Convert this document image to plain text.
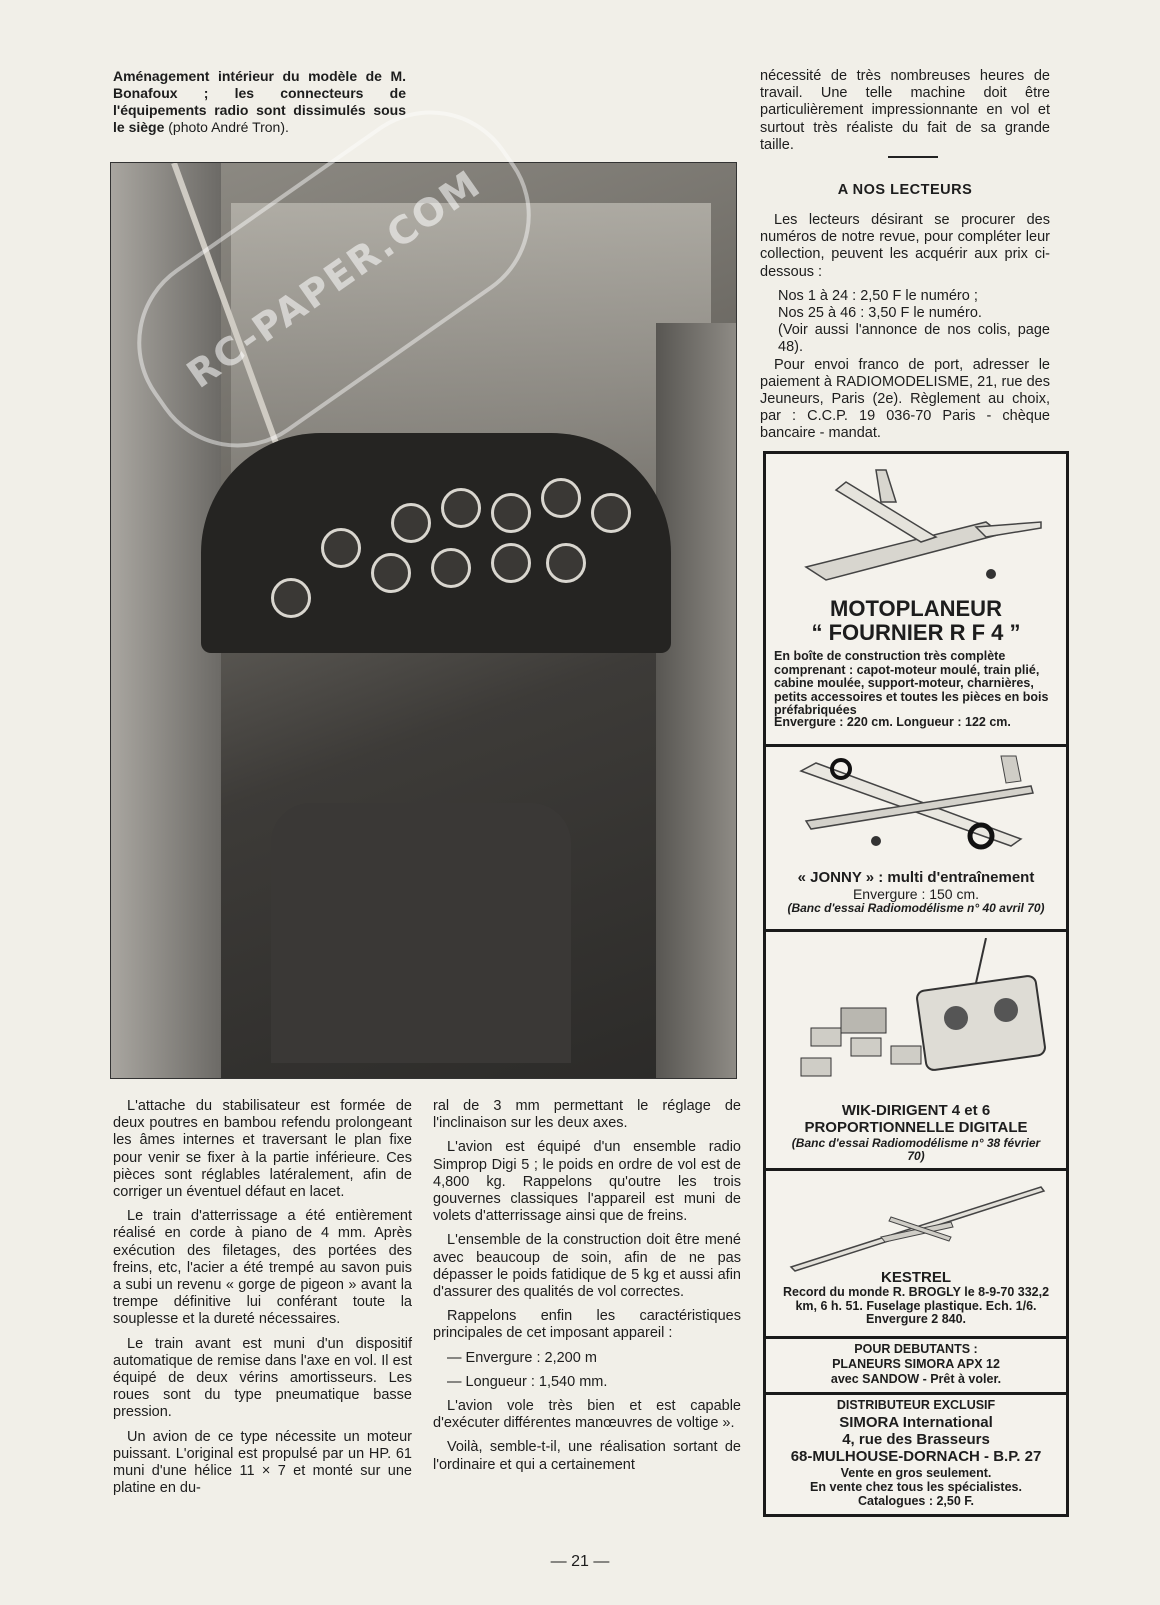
Aménagement intérieur du modèle de M. Bonafoux ; les connecteurs de l'équipements radio sont dissimulés sous le siège (photo André Tron).
RC-PAPER.COM

nécessité de très nombreuses heures de travail. Une telle machine doit être particulièrement impressionnante en vol et surtout très réaliste du fait de sa grande taille.

A NOS LECTEURS

Les lecteurs désirant se procurer des numéros de notre revue, pour compléter leur collection, peuvent les acquérir aux prix ci-dessous :

Nos 1 à 24 : 2,50 F le numéro ;

Nos 25 à 46 : 3,50 F le numéro.

(Voir aussi l'annonce de nos colis, page 48).

Pour envoi franco de port, adresser le paiement à RADIOMODELISME, 21, rue des Jeuneurs, Paris (2e). Règlement au choix, par : C.C.P. 19 036-70 Paris - chèque bancaire - mandat.

L'attache du stabilisateur est formée de deux poutres en bambou refendu prolongeant les âmes internes et traversant le plan fixe pour venir se fixer à la partie inférieure. Ces pièces sont réglables latéralement, afin de corriger un éventuel défaut en lacet.

Le train d'atterrissage a été entièrement réalisé en corde à piano de 4 mm. Après exécution des filetages, des portées des freins, etc, l'acier a été trempé au savon puis a subi un revenu « gorge de pigeon » avant la trempe définitive lui conférant toute la souplesse et la dureté nécessaires.

Le train avant est muni d'un dispositif automatique de remise dans l'axe en vol. Il est équipé de deux vérins amortisseurs. Les roues sont du type pneumatique basse pression.

Un avion de ce type nécessite un moteur puissant. L'original est propulsé par un HP. 61 muni d'une hélice 11 × 7 et monté sur une platine en du-

ral de 3 mm permettant le réglage de l'inclinaison sur les deux axes.

L'avion est équipé d'un ensemble radio Simprop Digi 5 ; le poids en ordre de vol est de 4,800 kg. Rappelons qu'outre les trois gouvernes classiques l'appareil est muni de volets d'atterrissage ainsi que de freins.

L'ensemble de la construction doit être mené avec beaucoup de soin, afin de ne pas dépasser le poids fatidique de 5 kg et aussi afin d'assurer des qualités de vol correctes.

Rappelons enfin les caractéristiques principales de cet imposant appareil :

— Envergure : 2,200 m

— Longueur : 1,540 mm.

L'avion vole très bien et est capable d'exécuter différentes manœuvres de voltige ».

Voilà, semble-t-il, une réalisation sortant de l'ordinaire et qui a certainement

MOTOPLANEUR
“ FOURNIER R F 4 ”
En boîte de construction très complète comprenant : capot-moteur moulé, train plié, cabine moulée, support-moteur, charnières, petits accessoires et toutes les pièces en bois préfabriquées
Envergure : 220 cm. Longueur : 122 cm.
« JONNY » : multi d'entraînement
Envergure : 150 cm.
(Banc d'essai Radiomodélisme n° 40 avril 70)
WIK-DIRIGENT 4 et 6
PROPORTIONNELLE DIGITALE
(Banc d'essai Radiomodélisme n° 38 février 70)
KESTREL
Record du monde R. BROGLY le 8-9-70 332,2 km, 6 h. 51. Fuselage plastique. Ech. 1/6. Envergure 2 840.
POUR DEBUTANTS :
PLANEURS SIMORA APX 12
avec SANDOW - Prêt à voler.
DISTRIBUTEUR EXCLUSIF
SIMORA International
4, rue des Brasseurs
68-MULHOUSE-DORNACH - B.P. 27
Vente en gros seulement.
En vente chez tous les spécialistes.
Catalogues : 2,50 F.
— 21 —
